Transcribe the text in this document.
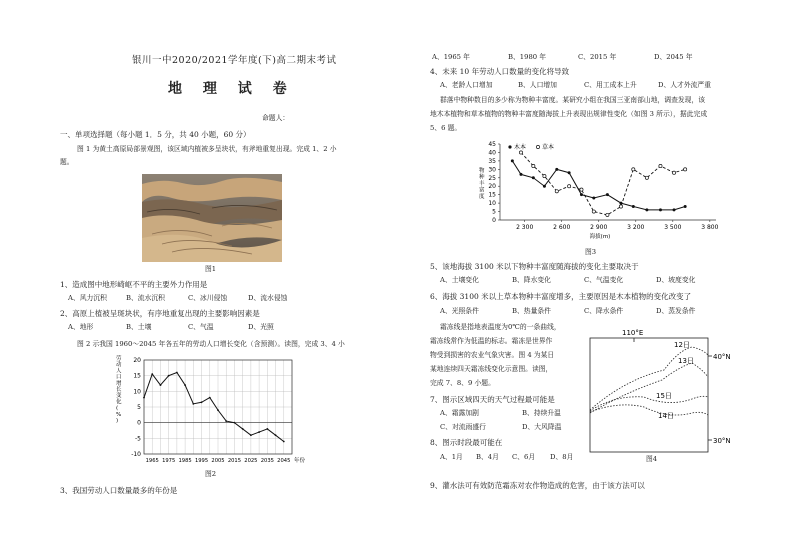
银川一中2020/2021学年度(下)高二期末考试
地 理 试 卷
命题人：
一、单项选择题（每小题 1．5 分，共 40 小题，60 分）
图 1 为黄土高原局部景观图，该区域内植被多呈块状，有斧地重复出现。完成 1、2 小
题。
图1
1、造成图中地形崎岖不平的主要外力作用是
A、风力沉积	B、流水沉积	C、冰川侵蚀	D、流水侵蚀
2、高原上植被呈斑块状，有序地重复出现的主要影响因素是
A、地形	B、土壤	C、气温	D、光照
图 2 示我国 1960～2045 年各五年的劳动人口增长变化（含预测）。读图，完成 3、4 小
-10
-5
0
5
10
15
20
1965 1975 1985 1995 2005 2015 2025 2035 2045 年份
劳动人口增长变化( % )
图2
3、我国劳动人口数量最多的年份是
A、1965 年	B、1980 年	C、2015 年	D、2045 年
4、未来 10 年劳动人口数量的变化将导致
A、老龄人口增加	B、人口增加	C、用工成本上升	D、人才外流严重
群落中物种数目的多少称为物种丰富度。某研究小组在我国三亚南部山地，调查发现，该
地木本植物和草本植物的物种丰富度随海拔上升表现出规律性变化（如图 3 所示），据此完成
5、6 题。
0
5
10
15
20
25
30
35
40
45
2 300	2 600	2 900	3 200	3 500	3 800
海拔(m)
物种丰富度
木本	草本
图3
5、该地海拔 3100 米以下物种丰富度随海拔的变化主要取决于
A、土壤变化	B、降水变化	C、气温变化	D、坡度变化
6、海拔 3100 米以上草本物种丰富度增多，主要原因是木本植物的变化改变了
A、光照条件	B、热量条件	C、降水条件	D、蒸发条件
霜冻线是指地表温度为0℃的一条曲线，
霜冻线常作为低温的标志。霜冻是世界作
物受到损害的农业气象灾害。图 4 为某日
某地连续四天霜冻线变化示意图。读图，
完成 7、8、9 小题。
7、图示区域四天的天气过程最可能是
A、霜露加剧	B、持续升温
C、对流雨盛行	D、大风降温
8、图示时段最可能在
A、1月 B、4月 C、6月 D、8月
110°E
40°N
30°N
12日
13日
15日
14日
图4
9、灌水法可有效防范霜冻对农作物造成的危害，由于该方法可以
